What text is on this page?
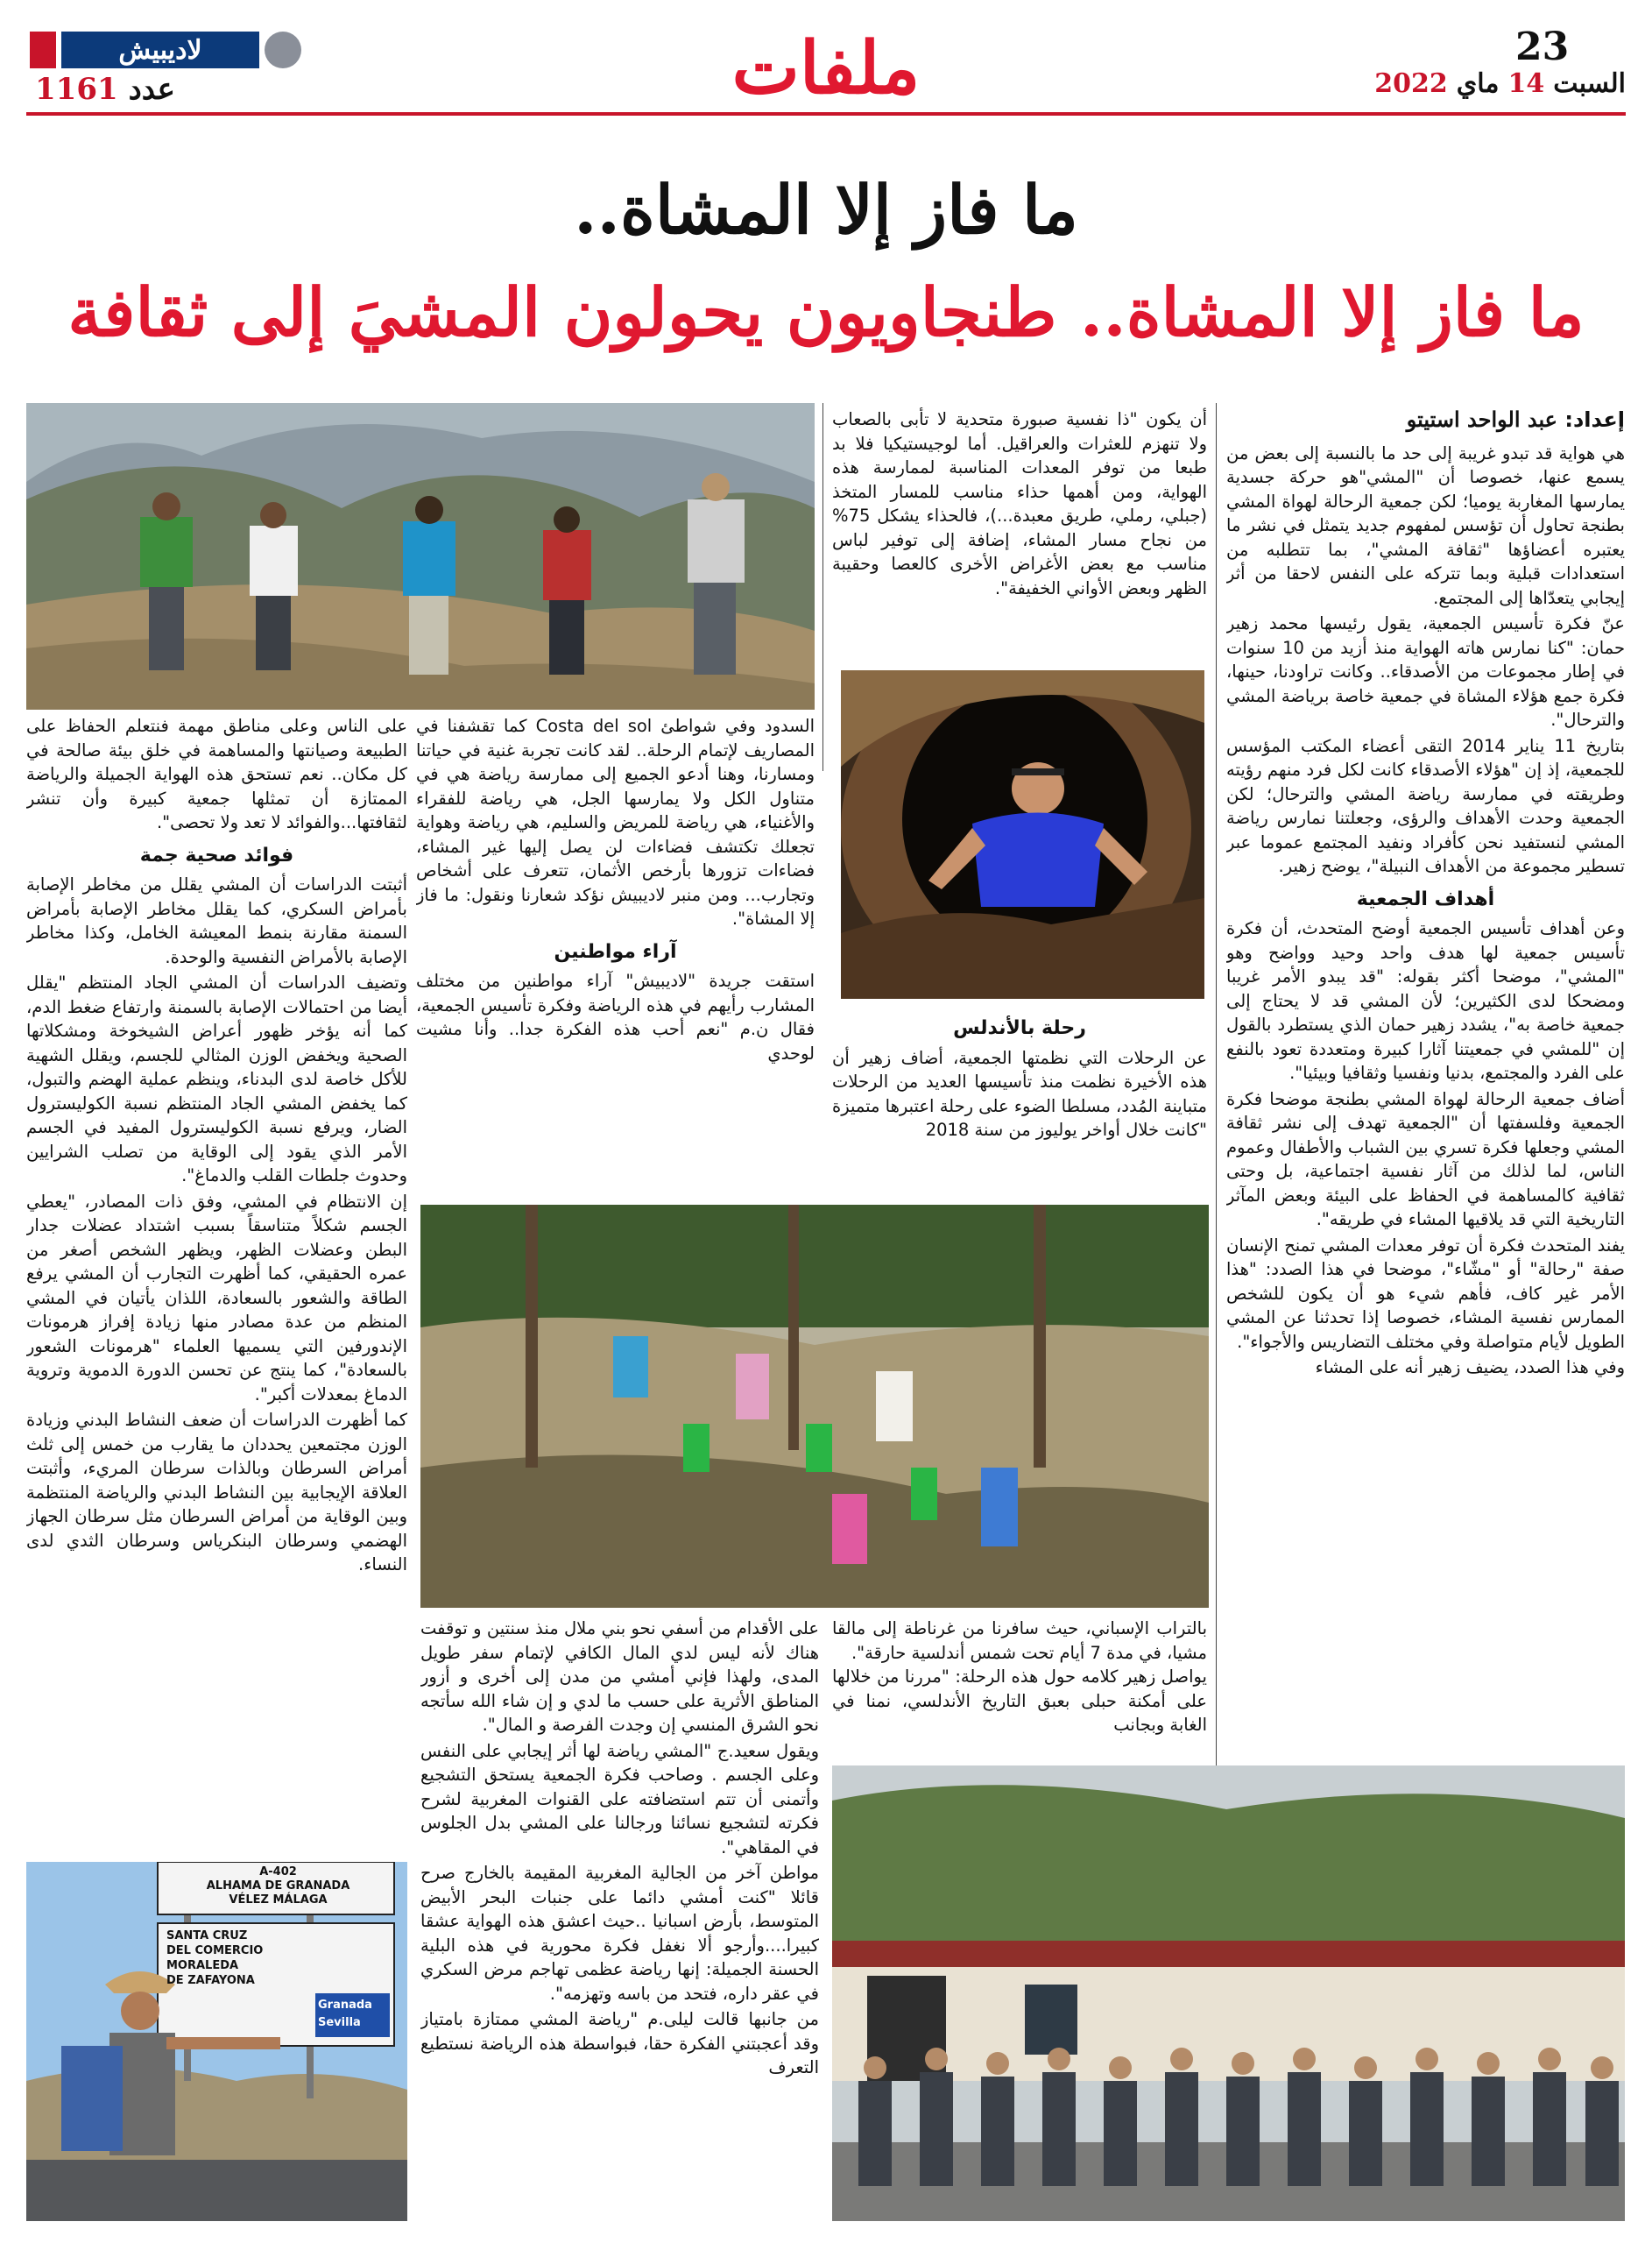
23
السبت
14
ماي
2022
ملفات
لاديبيش
عدد
1161
ما فاز إلا المشاة..
ما فاز إلا المشاة.. طنجاويون يحولون المشيَ إلى ثقافة
إعداد: عبد الواحد استيتو

هي هواية قد تبدو غريبة إلى حد ما بالنسبة إلى بعض من يسمع عنها، خصوصا أن "المشي"هو حركة جسدية يمارسها المغاربة يوميا؛ لكن جمعية الرحالة لهواة المشي بطنجة تحاول أن تؤسس لمفهوم جديد يتمثل في نشر ما يعتبره أعضاؤها "ثقافة المشي"، بما تتطلبه من استعدادات قبلية وبما تتركه على النفس لاحقا من أثر إيجابي يتعدّاها إلى المجتمع.

عنّ فكرة تأسيس الجمعية، يقول رئيسها محمد زهير حمان: "كنا نمارس هاته الهواية منذ أزيد من 10 سنوات في إطار مجموعات من الأصدقاء.. وكانت تراودنا، حينها، فكرة جمع هؤلاء المشاة في جمعية خاصة برياضة المشي والترحال".

بتاريخ 11 يناير 2014 التقى أعضاء المكتب المؤسس للجمعية، إذ إن "هؤلاء الأصدقاء كانت لكل فرد منهم رؤيته وطريقته في ممارسة رياضة المشي والترحال؛ لكن الجمعية وحدت الأهداف والرؤى، وجعلتنا نمارس رياضة المشي لنستفيد نحن كأفراد ونفيد المجتمع عموما عبر تسطير مجموعة من الأهداف النبيلة"، يوضح زهير.

أهداف الجمعية

وعن أهداف تأسيس الجمعية أوضح المتحدث، أن فكرة تأسيس جمعية لها هدف واحد وحيد وواضح وهو "المشي"، موضحا أكثر بقوله: "قد يبدو الأمر غريبا ومضحكا لدى الكثيرين؛ لأن المشي قد لا يحتاج إلى جمعية خاصة به"، يشدد زهير حمان الذي يستطرد بالقول إن "للمشي في جمعيتنا آثارا كبيرة ومتعددة تعود بالنفع على الفرد والمجتمع، بدنيا ونفسيا وثقافيا وبيئيا".

أضاف جمعية الرحالة لهواة المشي بطنجة موضحا فكرة الجمعية وفلسفتها أن "الجمعية تهدف إلى نشر ثقافة المشي وجعلها فكرة تسري بين الشباب والأطفال وعموم الناس، لما لذلك من آثار نفسية اجتماعية، بل وحتى ثقافية كالمساهمة في الحفاظ على البيئة وبعض المآثر التاريخية التي قد يلاقيها المشاء في طريقه".

يفند المتحدث فكرة أن توفر معدات المشي تمنح الإنسان صفة "رحالة" أو "مشّاء"، موضحا في هذا الصدد: "هذا الأمر غير كاف، فأهم شيء هو أن يكون للشخص الممارس نفسية المشاء، خصوصا إذا تحدثنا عن المشي الطويل لأيام متواصلة وفي مختلف التضاريس والأجواء".

وفي هذا الصدد، يضيف زهير أنه على المشاء

أن يكون "ذا نفسية صبورة متحدية لا تأبى بالصعاب ولا تنهزم للعثرات والعراقيل. أما لوجيستيكيا فلا بد طبعا من توفر المعدات المناسبة لممارسة هذه الهواية، ومن أهمها حذاء مناسب للمسار المتخذ (جبلي، رملي، طريق معبدة...)، فالحذاء يشكل 75% من نجاح مسار المشاء، إضافة إلى توفير لباس مناسب مع بعض الأغراض الأخرى كالعصا وحقيبة الظهر وبعض الأواني الخفيفة".

رحلة بالأندلس

عن الرحلات التي نظمتها الجمعية، أضاف زهير أن هذه الأخيرة نظمت منذ تأسيسها العديد من الرحلات متباينة المُدد، مسلطا الضوء على رحلة اعتبرها متميزة "كانت خلال أواخر يوليوز من سنة 2018

السدود وفي شواطئ Costa del sol كما تقشفنا في المصاريف لإتمام الرحلة.. لقد كانت تجربة غنية في حياتنا ومسارنا، وهنا أدعو الجميع إلى ممارسة رياضة هي في متناول الكل ولا يمارسها الجل، هي رياضة للفقراء والأغنياء، هي رياضة للمريض والسليم، هي رياضة وهواية تجعلك تكتشف فضاءات لن يصل إليها غير المشاء، فضاءات تزورها بأرخص الأثمان، تتعرف على أشخاص وتجارب... ومن منبر لاديبيش نؤكد شعارنا ونقول: ما فاز إلا المشاة".

آراء مواطنين

استقت جريدة "لاديبيش" آراء مواطنين من مختلف المشارب رأيهم في هذه الرياضة وفكرة تأسيس الجمعية، فقال ن.م "نعم أحب هذه الفكرة جدا.. وأنا مشيت لوحدي

على الناس وعلى مناطق مهمة فنتعلم الحفاظ على الطبيعة وصيانتها والمساهمة في خلق بيئة صالحة في كل مكان.. نعم تستحق هذه الهواية الجميلة والرياضة الممتازة أن تمثلها جمعية كبيرة وأن تنشر لثقافتها...والفوائد لا تعد ولا تحصى".

فوائد صحية جمة

أثبتت الدراسات أن المشي يقلل من مخاطر الإصابة بأمراض السكري، كما يقلل مخاطر الإصابة بأمراض السمنة مقارنة بنمط المعيشة الخامل، وكذا مخاطر الإصابة بالأمراض النفسية والوحدة.

وتضيف الدراسات أن المشي الجاد المنتظم "يقلل أيضا من احتمالات الإصابة بالسمنة وارتفاع ضغط الدم، كما أنه يؤخر ظهور أعراض الشيخوخة ومشكلاتها الصحية ويخفض الوزن المثالي للجسم، ويقلل الشهية للأكل خاصة لدى البدناء، وينظم عملية الهضم والتبول، كما يخفض المشي الجاد المنتظم نسبة الكوليسترول الضار، ويرفع نسبة الكوليسترول المفيد في الجسم الأمر الذي يقود إلى الوقاية من تصلب الشرايين وحدوث جلطات القلب والدماغ".

إن الانتظام في المشي، وفق ذات المصادر، "يعطي الجسم شكلاً متناسقاً بسبب اشتداد عضلات جدار البطن وعضلات الظهر، ويظهر الشخص أصغر من عمره الحقيقي، كما أظهرت التجارب أن المشي يرفع الطاقة والشعور بالسعادة، اللذان يأتيان في المشي المنظم من عدة مصادر منها زيادة إفراز هرمونات الإندورفين التي يسميها العلماء "هرمونات الشعور بالسعادة"، كما ينتج عن تحسن الدورة الدموية وتروية الدماغ بمعدلات أكبر".

كما أظهرت الدراسات أن ضعف النشاط البدني وزيادة الوزن مجتمعين يحددان ما يقارب من خمس إلى ثلث أمراض السرطان وبالذات سرطان المريء، وأثبتت العلاقة الإيجابية بين النشاط البدني والرياضة المنتظمة وبين الوقاية من أمراض السرطان مثل سرطان الجهاز الهضمي وسرطان البنكرياس وسرطان الثدي لدى النساء.

بالتراب الإسباني، حيث سافرنا من غرناطة إلى مالقا مشيا، في مدة 7 أيام تحت شمس أندلسية حارقة".
يواصل زهير كلامه حول هذه الرحلة: "مررنا من خلالها على أمكنة حبلى بعبق التاريخ الأندلسي، نمنا في الغابة وبجانب

على الأقدام من أسفي نحو بني ملال منذ سنتين و توقفت هناك لأنه ليس لدي المال الكافي لإتمام سفر طويل المدى، ولهذا فإني أمشي من مدن إلى أخرى و أزور المناطق الأثرية على حسب ما لدي و إن شاء الله سأتجه نحو الشرق المنسي إن وجدت الفرصة و المال".

ويقول سعيد.ج "المشي رياضة لها أثر إيجابي على النفس وعلى الجسم . وصاحب فكرة الجمعية يستحق التشجيع وأتمنى أن تتم استضافته على القنوات المغربية لشرح فكرته لتشجيع نسائنا ورجالنا على المشي بدل الجلوس في المقاهي".

مواطن آخر من الجالية المغربية المقيمة بالخارج صرح قائلا "كنت أمشي دائما على جنبات البحر الأبيض المتوسط، بأرض اسبانيا ..حيث اعشق هذه الهواية عشقا كبيرا....وأرجو ألا نغفل فكرة محورية في هذه البلية الحسنة الجميلة: إنها رياضة عظمى تهاجم مرض السكري في عقر داره، فتحد من باسه وتهزمه".

من جانبها قالت ليلى.م "رياضة المشي ممتازة بامتياز وقد أعجبتني الفكرة حقا، فبواسطة هذه الرياضة نستطيع التعرف

A-402
ALHAMA DE GRANADA
VÉLEZ MÁLAGA
SANTA CRUZ
DEL COMERCIO
MORALEDA
DE ZAFAYONA
Granada
Sevilla
